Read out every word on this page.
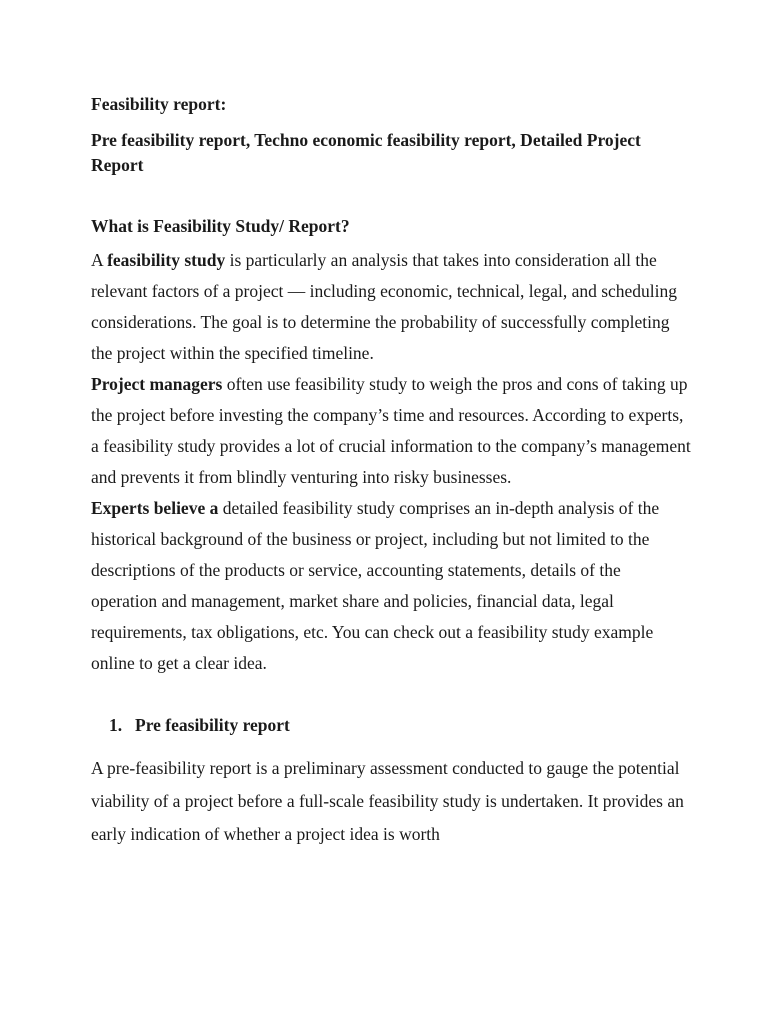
Feasibility report:

Pre feasibility report, Techno economic feasibility report, Detailed Project Report

What is Feasibility Study/ Report?

A feasibility study is particularly an analysis that takes into consideration all the relevant factors of a project — including economic, technical, legal, and scheduling considerations. The goal is to determine the probability of successfully completing the project within the specified timeline.

Project managers often use feasibility study to weigh the pros and cons of taking up the project before investing the company’s time and resources. According to experts, a feasibility study provides a lot of crucial information to the company’s management and prevents it from blindly venturing into risky businesses.

Experts believe a detailed feasibility study comprises an in-depth analysis of the historical background of the business or project, including but not limited to the descriptions of the products or service, accounting statements, details of the operation and management, market share and policies, financial data, legal requirements, tax obligations, etc. You can check out a feasibility study example online to get a clear idea.

1. Pre feasibility report

A pre-feasibility report is a preliminary assessment conducted to gauge the potential viability of a project before a full-scale feasibility study is undertaken. It provides an early indication of whether a project idea is worth
